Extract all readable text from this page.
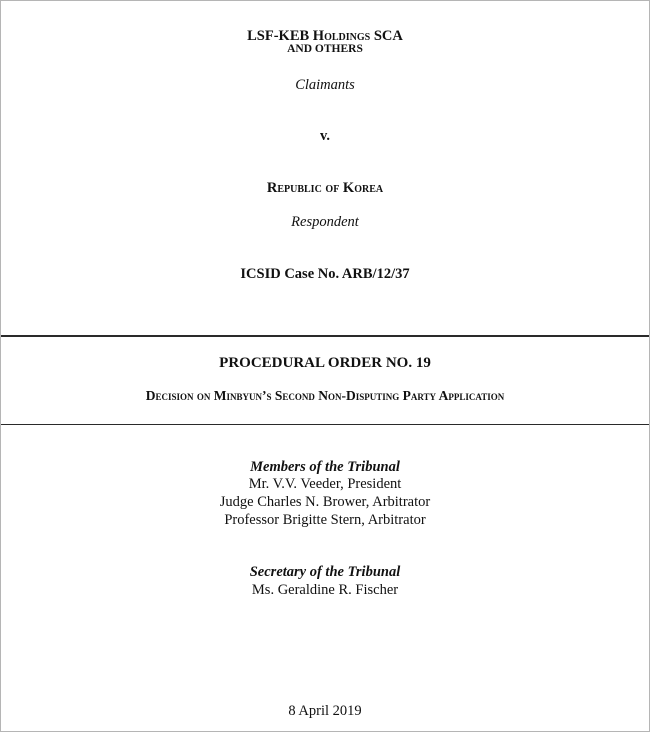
LSF-KEB Holdings SCA
AND OTHERS
Claimants
v.
Republic of Korea
Respondent
ICSID Case No. ARB/12/37
PROCEDURAL ORDER NO. 19
Decision on Minbyun’s Second Non-Disputing Party Application
Members of the Tribunal
Mr. V.V. Veeder, President
Judge Charles N. Brower, Arbitrator
Professor Brigitte Stern, Arbitrator
Secretary of the Tribunal
Ms. Geraldine R. Fischer
8 April 2019
